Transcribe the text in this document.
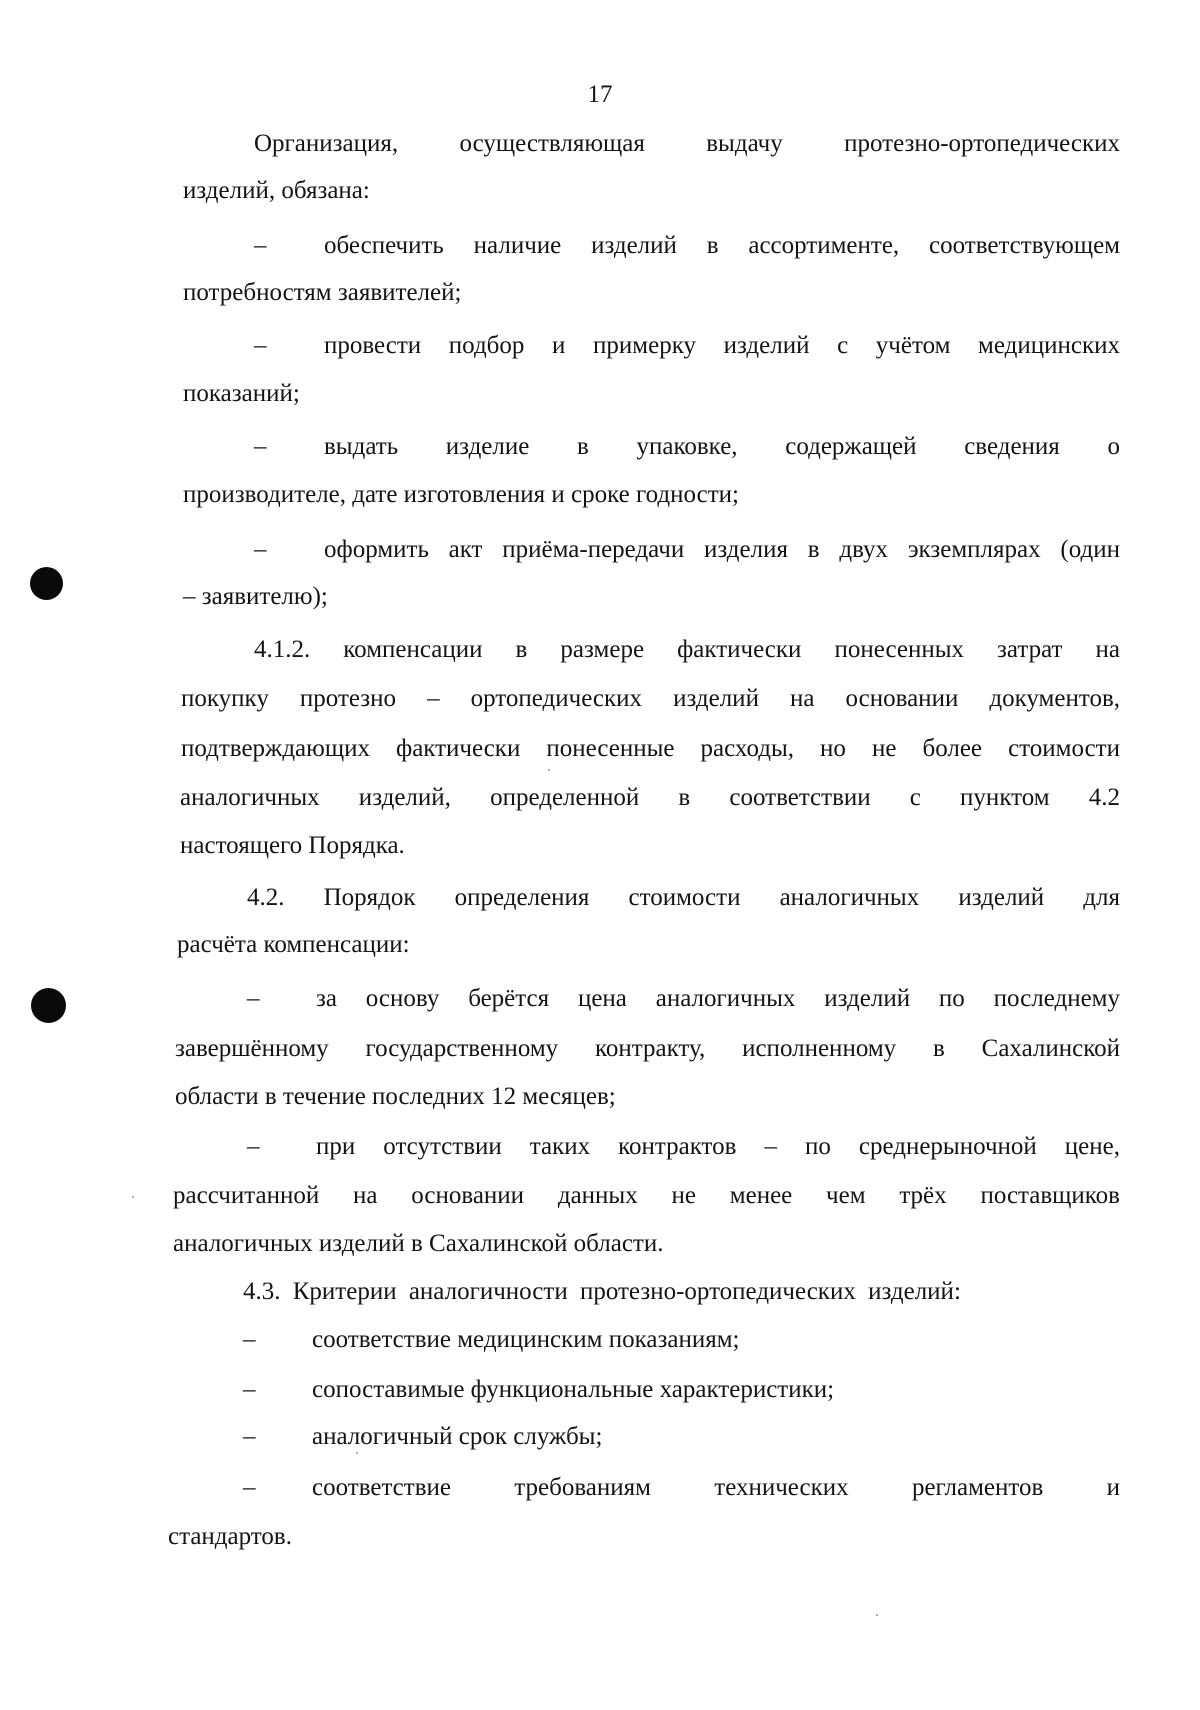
17
Организация, осуществляющая выдачу протезно-ортопедических
изделий, обязана:
– обеспечить наличие изделий в ассортименте, соответствующем
потребностям заявителей;
– провести подбор и примерку изделий с учётом медицинских
показаний;
– выдать изделие в упаковке, содержащей сведения о
производителе, дате изготовления и сроке годности;
– оформить акт приёма-передачи изделия в двух экземплярах (один
– заявителю);
4.1.2. компенсации в размере фактически понесенных затрат на
покупку протезно – ортопедических изделий на основании документов,
подтверждающих фактически понесенные расходы, но не более стоимости
аналогичных изделий, определенной в соответствии с пунктом 4.2
настоящего Порядка.
4.2. Порядок определения стоимости аналогичных изделий для
расчёта компенсации:
– за основу берётся цена аналогичных изделий по последнему
завершённому государственному контракту, исполненному в Сахалинской
области в течение последних 12 месяцев;
– при отсутствии таких контрактов – по среднерыночной цене,
рассчитанной на основании данных не менее чем трёх поставщиков
аналогичных изделий в Сахалинской области.
4.3. Критерии аналогичности протезно-ортопедических изделий:
– соответствие медицинским показаниям;
– сопоставимые функциональные характеристики;
– аналогичный срок службы;
– соответствие требованиям технических регламентов и
стандартов.
